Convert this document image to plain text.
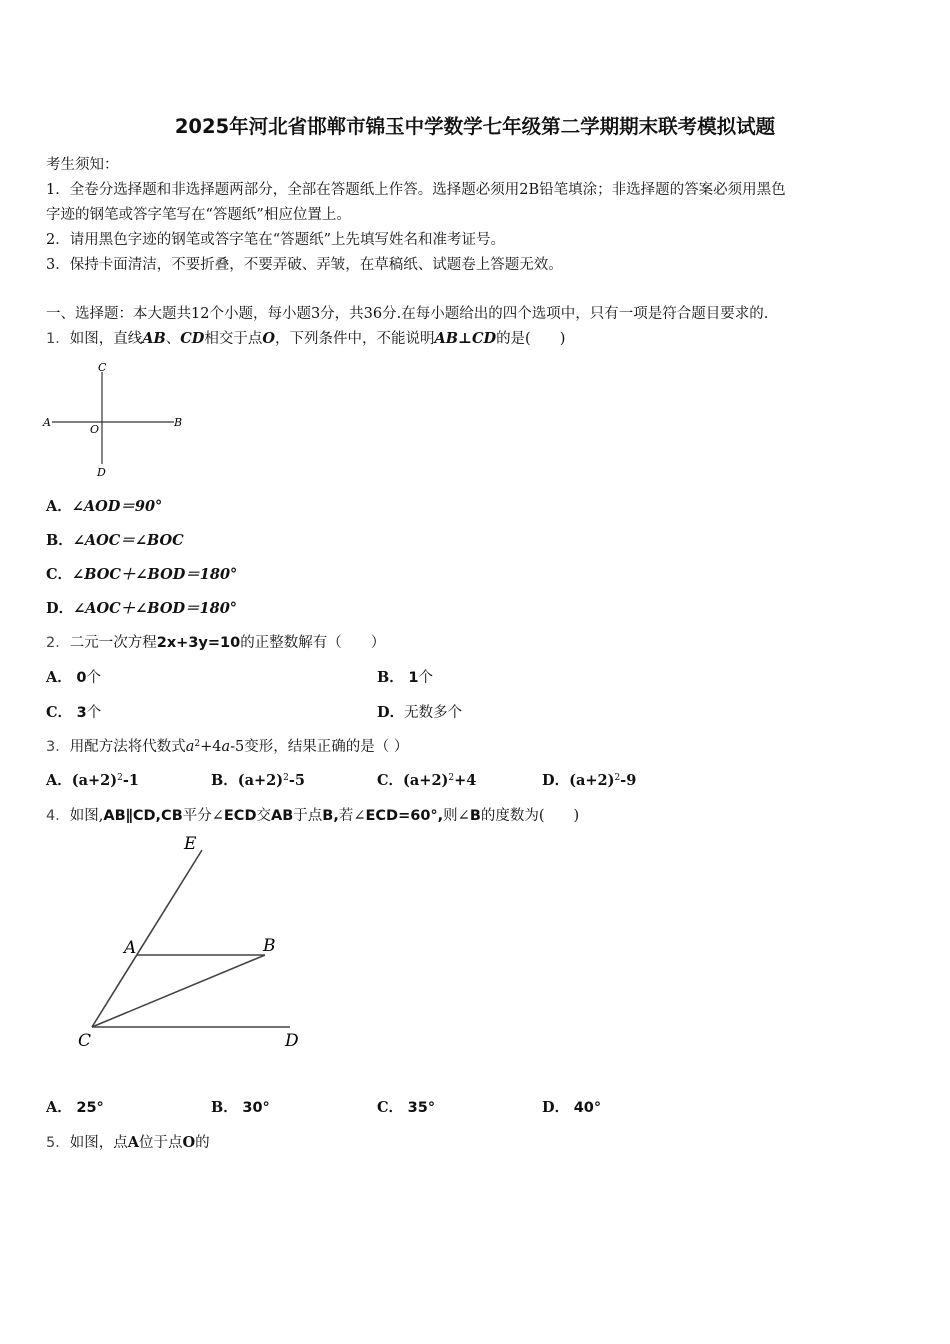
2025年河北省邯郸市锦玉中学数学七年级第二学期期末联考模拟试题
考生须知：
1．全卷分选择题和非选择题两部分，全部在答题纸上作答。选择题必须用2B铅笔填涂；非选择题的答案必须用黑色
字迹的钢笔或答字笔写在“答题纸”相应位置上。
2．请用黑色字迹的钢笔或答字笔在“答题纸”上先填写姓名和准考证号。
3．保持卡面清洁，不要折叠，不要弄破、弄皱，在草稿纸、试题卷上答题无效。
一、选择题：本大题共12个小题，每小题3分，共36分.在每小题给出的四个选项中，只有一项是符合题目要求的.
1．如图，直线AB、CD相交于点O，下列条件中，不能说明AB⊥CD的是(　　)
C
A
O
B
D
A．∠AOD＝90°
B．∠AOC＝∠BOC
C．∠BOC＋∠BOD＝180°
D．∠AOC＋∠BOD＝180°
2．二元一次方程2x+3y=10的正整数解有（　　）
A． 0个	B． 1个
C． 3个	D．无数多个
3．用配方法将代数式$a^2+4a-5$变形，结果正确的是（ ）
A．$(a+2)^2-1$	B．$(a+2)^2-5$	C．$(a+2)^2+4$	D．$(a+2)^2-9$
4．如图,AB∥CD,CB平分∠ECD交AB于点B,若∠ECD=60°,则∠B的度数为(　　)
E
A	B
C	D
A． 25°	B． 30°	C． 35°	D． 40°
5．如图，点A位于点O的
